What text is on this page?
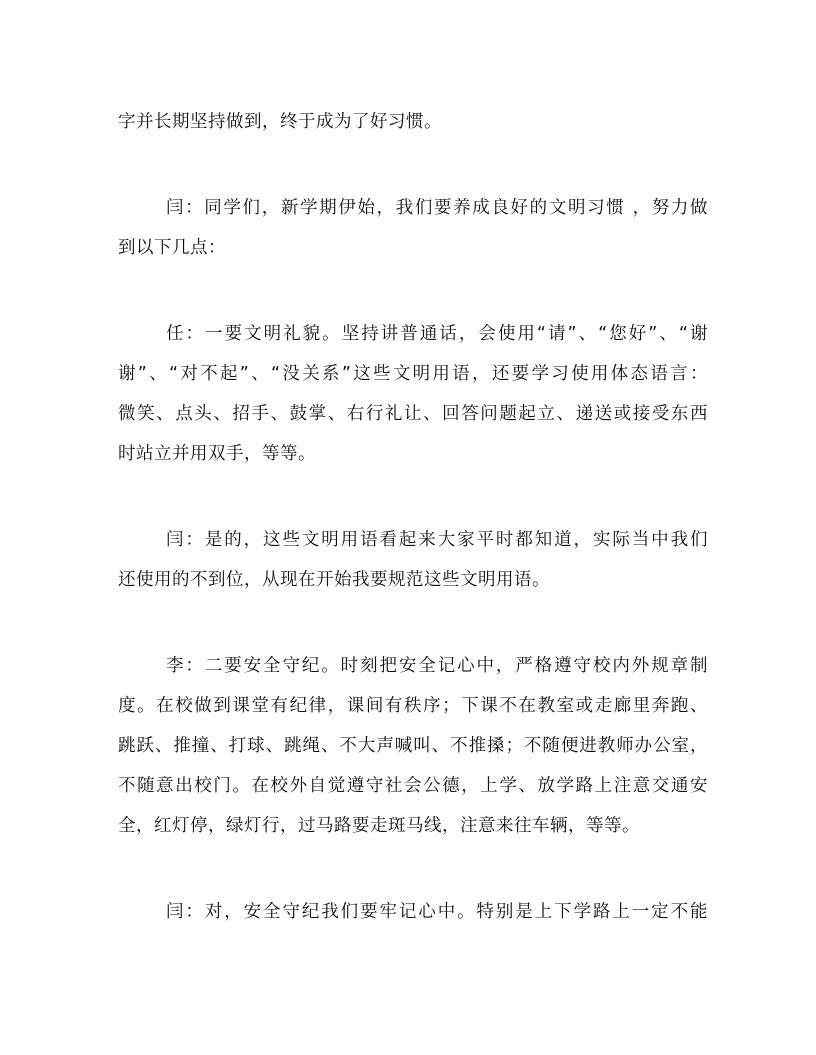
字并长期坚持做到，终于成为了好习惯。
闫：同学们，新学期伊始，我们要养成良好的文明习惯 ，努力做
到以下几点：
任：一要文明礼貌。坚持讲普通话，会使用“请”、“您好”、“谢
谢”、“对不起”、“没关系”这些文明用语，还要学习使用体态语言：
微笑、点头、招手、鼓掌、右行礼让、回答问题起立、递送或接受东西
时站立并用双手，等等。
闫：是的，这些文明用语看起来大家平时都知道，实际当中我们
还使用的不到位，从现在开始我要规范这些文明用语。
李：二要安全守纪。时刻把安全记心中，严格遵守校内外规章制
度。在校做到课堂有纪律，课间有秩序；下课不在教室或走廊里奔跑、
跳跃、推撞、打球、跳绳、不大声喊叫、不推搡；不随便进教师办公室，
不随意出校门。在校外自觉遵守社会公德，上学、放学路上注意交通安
全，红灯停，绿灯行，过马路要走斑马线，注意来往车辆，等等。
闫：对，安全守纪我们要牢记心中。特别是上下学路上一定不能
